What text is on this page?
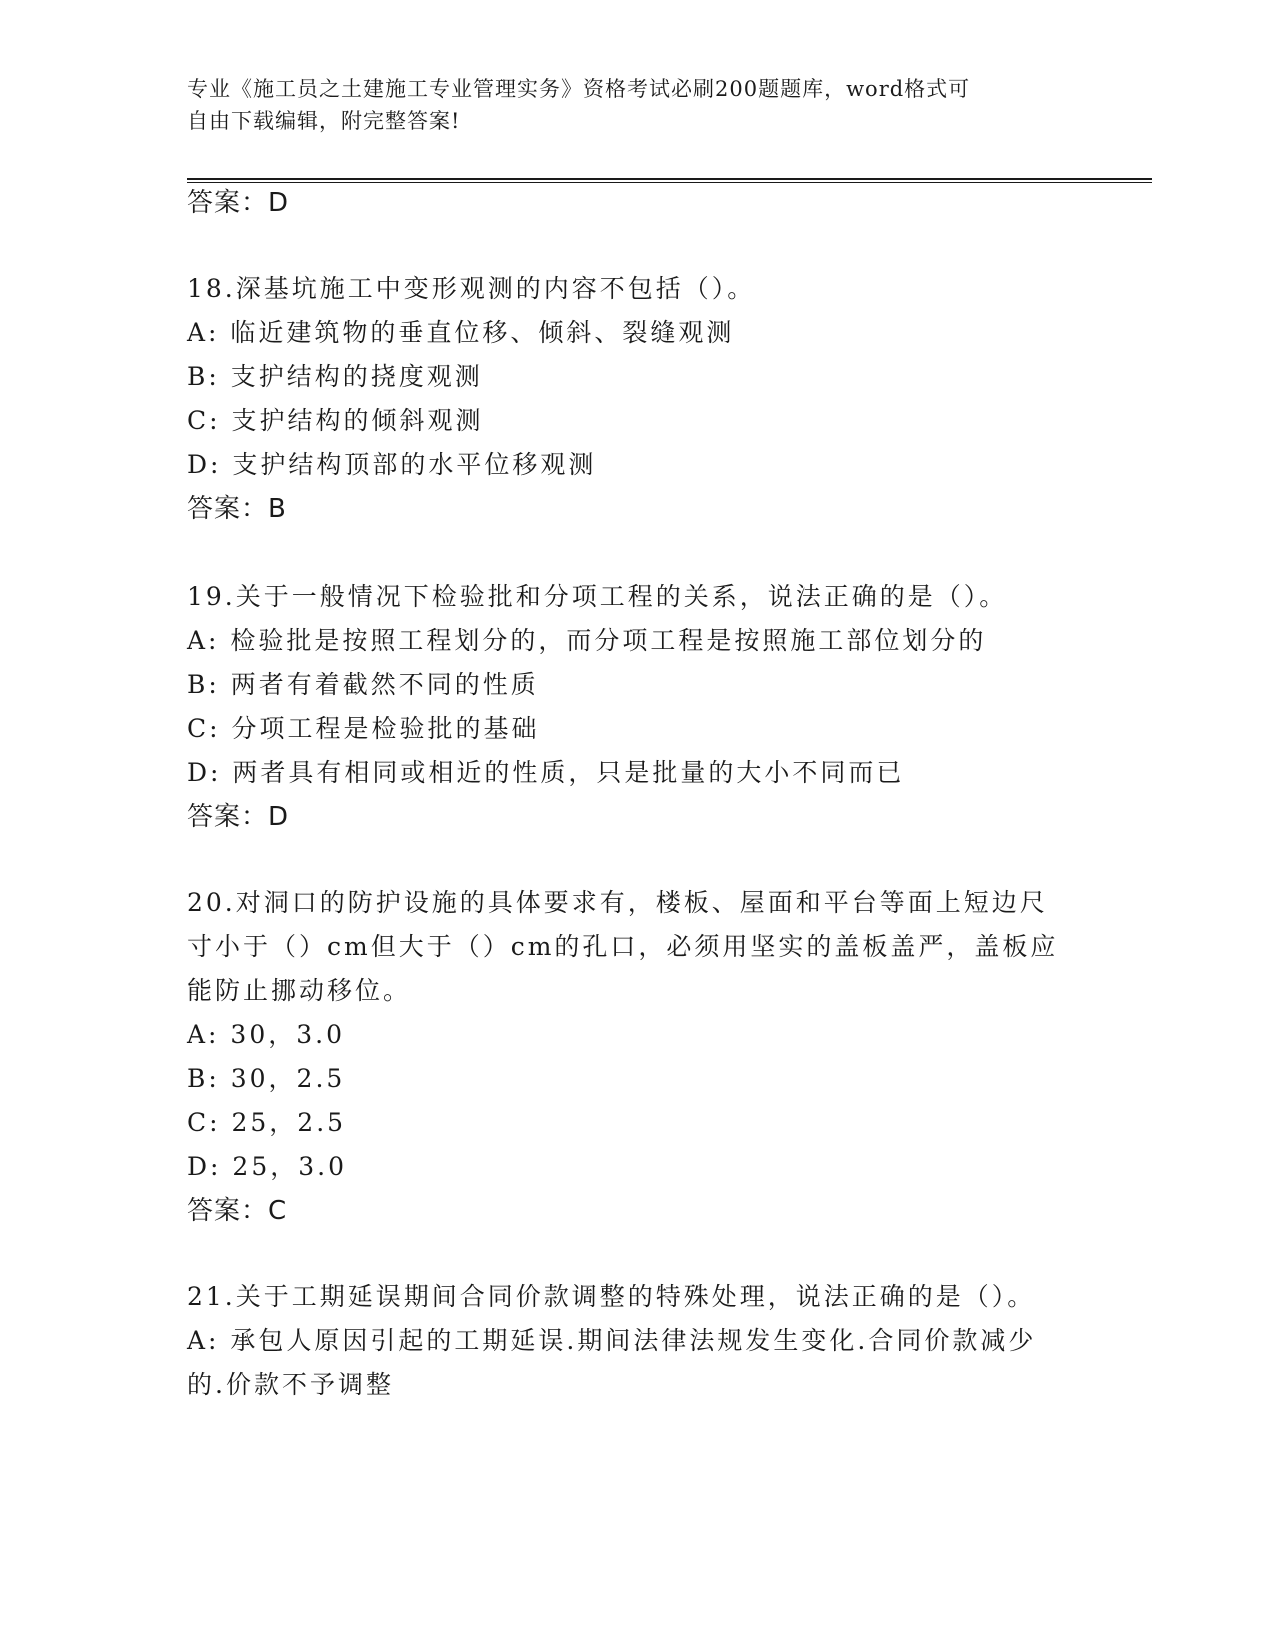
专业《施工员之土建施工专业管理实务》资格考试必刷200题题库，word格式可
自由下载编辑，附完整答案!
答案：D
18.深基坑施工中变形观测的内容不包括（）。
A: 临近建筑物的垂直位移、倾斜、裂缝观测
B: 支护结构的挠度观测
C: 支护结构的倾斜观测
D: 支护结构顶部的水平位移观测
答案：B
19.关于一般情况下检验批和分项工程的关系，说法正确的是（）。
A: 检验批是按照工程划分的，而分项工程是按照施工部位划分的
B: 两者有着截然不同的性质
C: 分项工程是检验批的基础
D: 两者具有相同或相近的性质，只是批量的大小不同而已
答案：D
20.对洞口的防护设施的具体要求有，楼板、屋面和平台等面上短边尺
寸小于（）cm但大于（）cm的孔口，必须用坚实的盖板盖严，盖板应
能防止挪动移位。
A: 30，3.0
B: 30，2.5
C: 25，2.5
D: 25，3.0
答案：C
21.关于工期延误期间合同价款调整的特殊处理，说法正确的是（）。
A: 承包人原因引起的工期延误.期间法律法规发生变化.合同价款减少
的.价款不予调整
